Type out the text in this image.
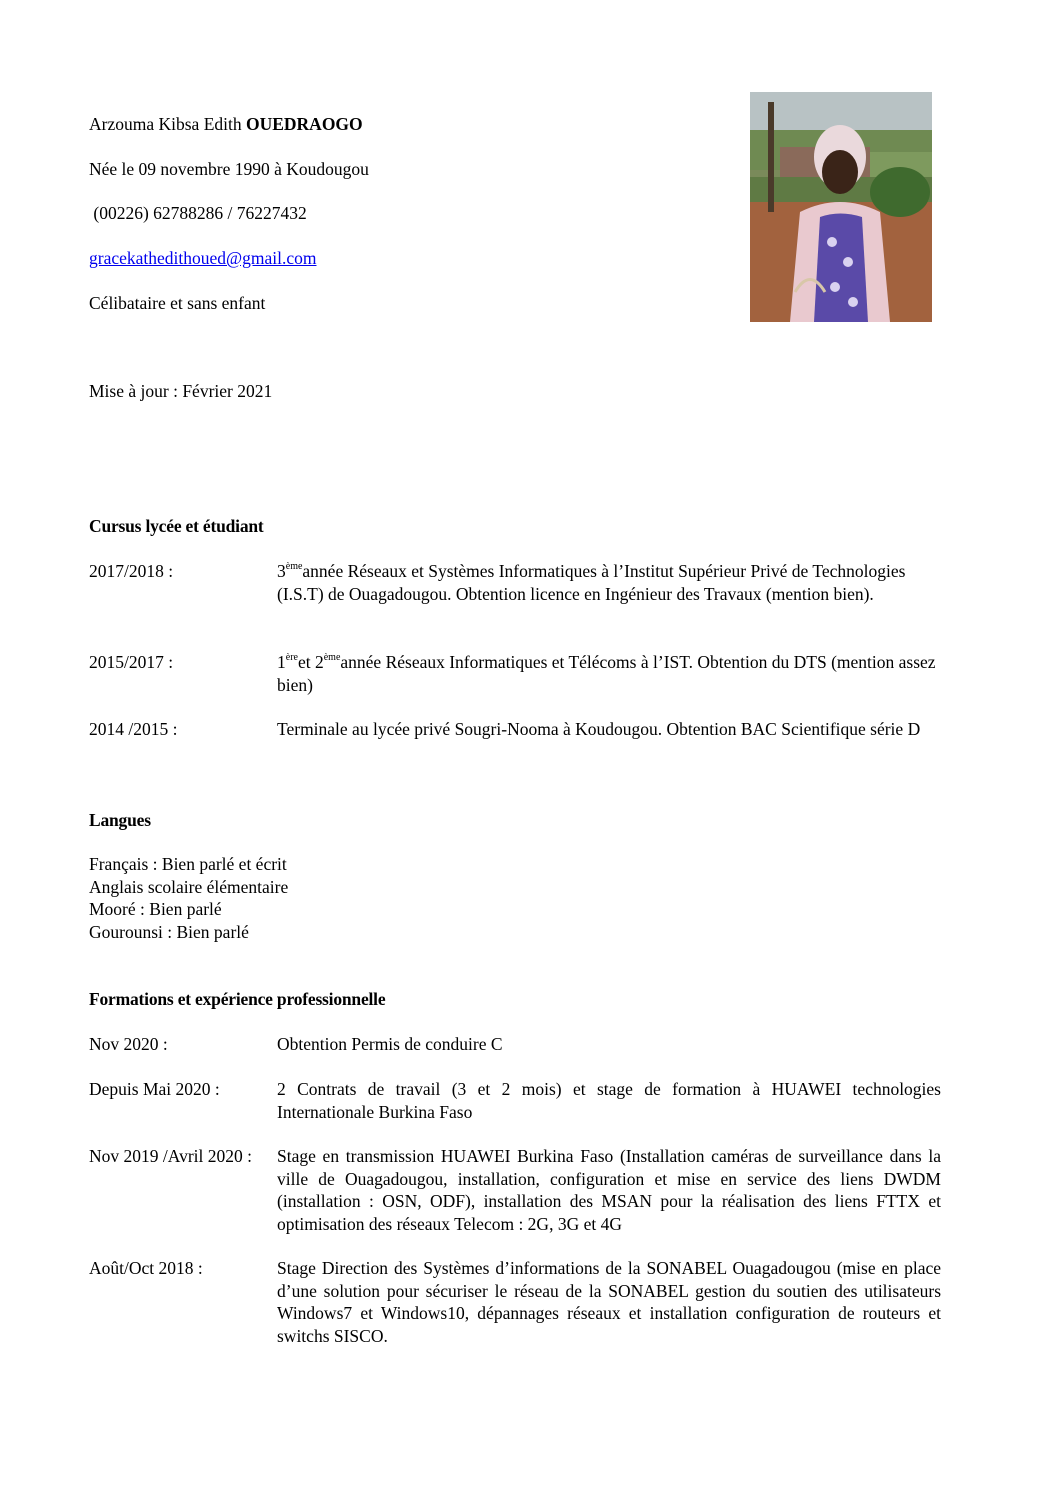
Arzouma Kibsa Edith OUEDRAOGO
Née le 09 novembre 1990 à Koudougou
(00226) 62788286 / 76227432
gracekathedithoued@gmail.com
Célibataire et sans enfant
Mise à jour : Février 2021
Cursus lycée et étudiant
2017/2018 :	3èmeannée Réseaux et Systèmes Informatiques à l’Institut Supérieur Privé de Technologies (I.S.T) de Ouagadougou. Obtention licence en Ingénieur des Travaux (mention bien).
2015/2017 :	1èreet 2èmeannée Réseaux Informatiques et Télécoms à l’IST. Obtention du DTS (mention assez bien)
2014 /2015 :	Terminale au lycée privé Sougri-Nooma à Koudougou. Obtention BAC Scientifique série D
Langues
Français : Bien parlé et écrit
Anglais scolaire élémentaire
Mooré : Bien parlé
Gourounsi : Bien parlé
Formations et expérience professionnelle
Nov 2020 :	Obtention Permis de conduire C
Depuis Mai 2020 :	2 Contrats de travail (3 et 2 mois) et stage de formation à HUAWEI technologies Internationale Burkina Faso
Nov 2019 /Avril 2020 :	Stage en transmission HUAWEI Burkina Faso (Installation caméras de surveillance dans la ville de Ouagadougou, installation, configuration et mise en service des liens DWDM (installation : OSN, ODF), installation des MSAN pour la réalisation des liens FTTX et optimisation des réseaux Telecom : 2G, 3G et 4G
Août/Oct 2018 :	Stage Direction des Systèmes d’informations de la SONABEL Ouagadougou (mise en place d’une solution pour sécuriser le réseau de la SONABEL gestion du soutien des utilisateurs Windows7 et Windows10, dépannages réseaux et installation configuration de routeurs et switchs SISCO.
